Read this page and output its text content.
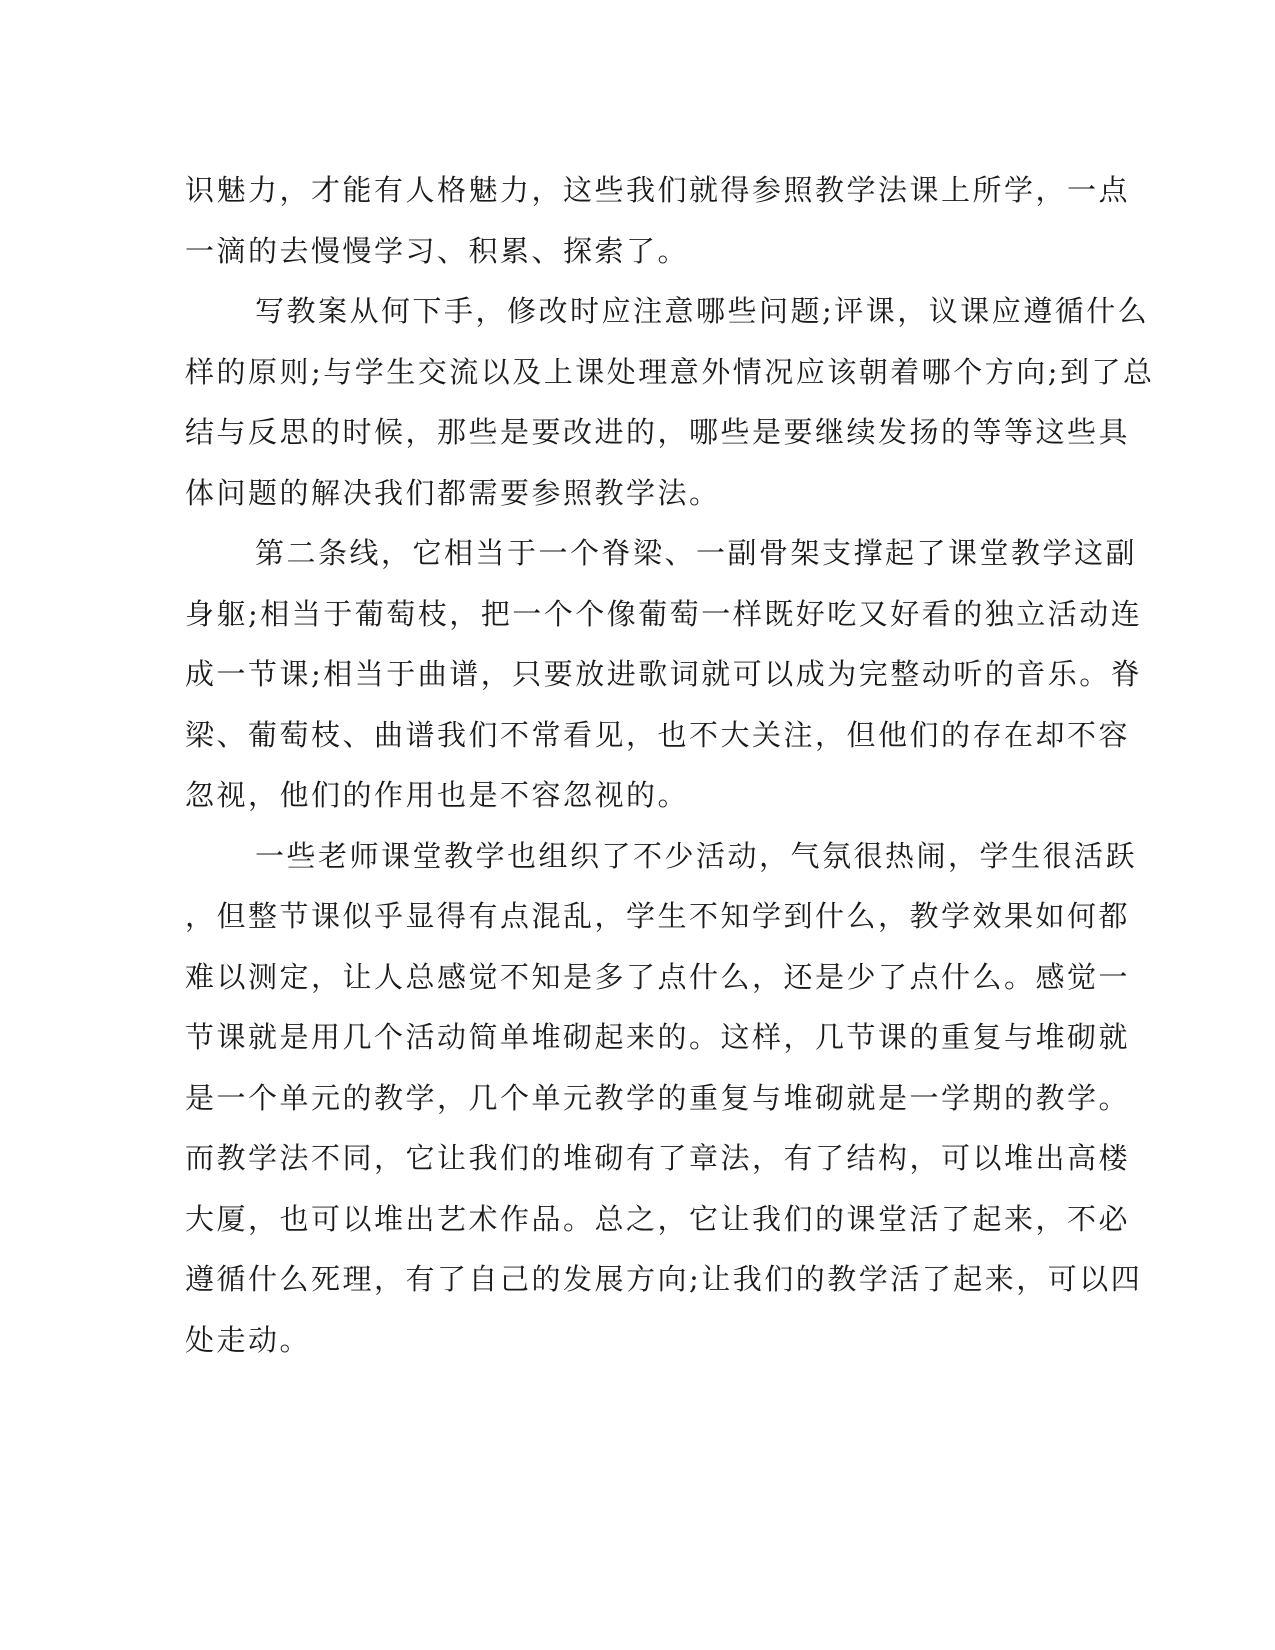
识魅力，才能有人格魅力，这些我们就得参照教学法课上所学，一点
一滴的去慢慢学习、积累、探索了。
写教案从何下手，修改时应注意哪些问题;评课，议课应遵循什么
样的原则;与学生交流以及上课处理意外情况应该朝着哪个方向;到了总
结与反思的时候，那些是要改进的，哪些是要继续发扬的等等这些具
体问题的解决我们都需要参照教学法。
第二条线，它相当于一个脊梁、一副骨架支撑起了课堂教学这副
身躯;相当于葡萄枝，把一个个像葡萄一样既好吃又好看的独立活动连
成一节课;相当于曲谱，只要放进歌词就可以成为完整动听的音乐。脊
梁、葡萄枝、曲谱我们不常看见，也不大关注，但他们的存在却不容
忽视，他们的作用也是不容忽视的。
一些老师课堂教学也组织了不少活动，气氛很热闹，学生很活跃
，但整节课似乎显得有点混乱，学生不知学到什么，教学效果如何都
难以测定，让人总感觉不知是多了点什么，还是少了点什么。感觉一
节课就是用几个活动简单堆砌起来的。这样，几节课的重复与堆砌就
是一个单元的教学，几个单元教学的重复与堆砌就是一学期的教学。
而教学法不同，它让我们的堆砌有了章法，有了结构，可以堆出高楼
大厦，也可以堆出艺术作品。总之，它让我们的课堂活了起来，不必
遵循什么死理，有了自己的发展方向;让我们的教学活了起来，可以四
处走动。
